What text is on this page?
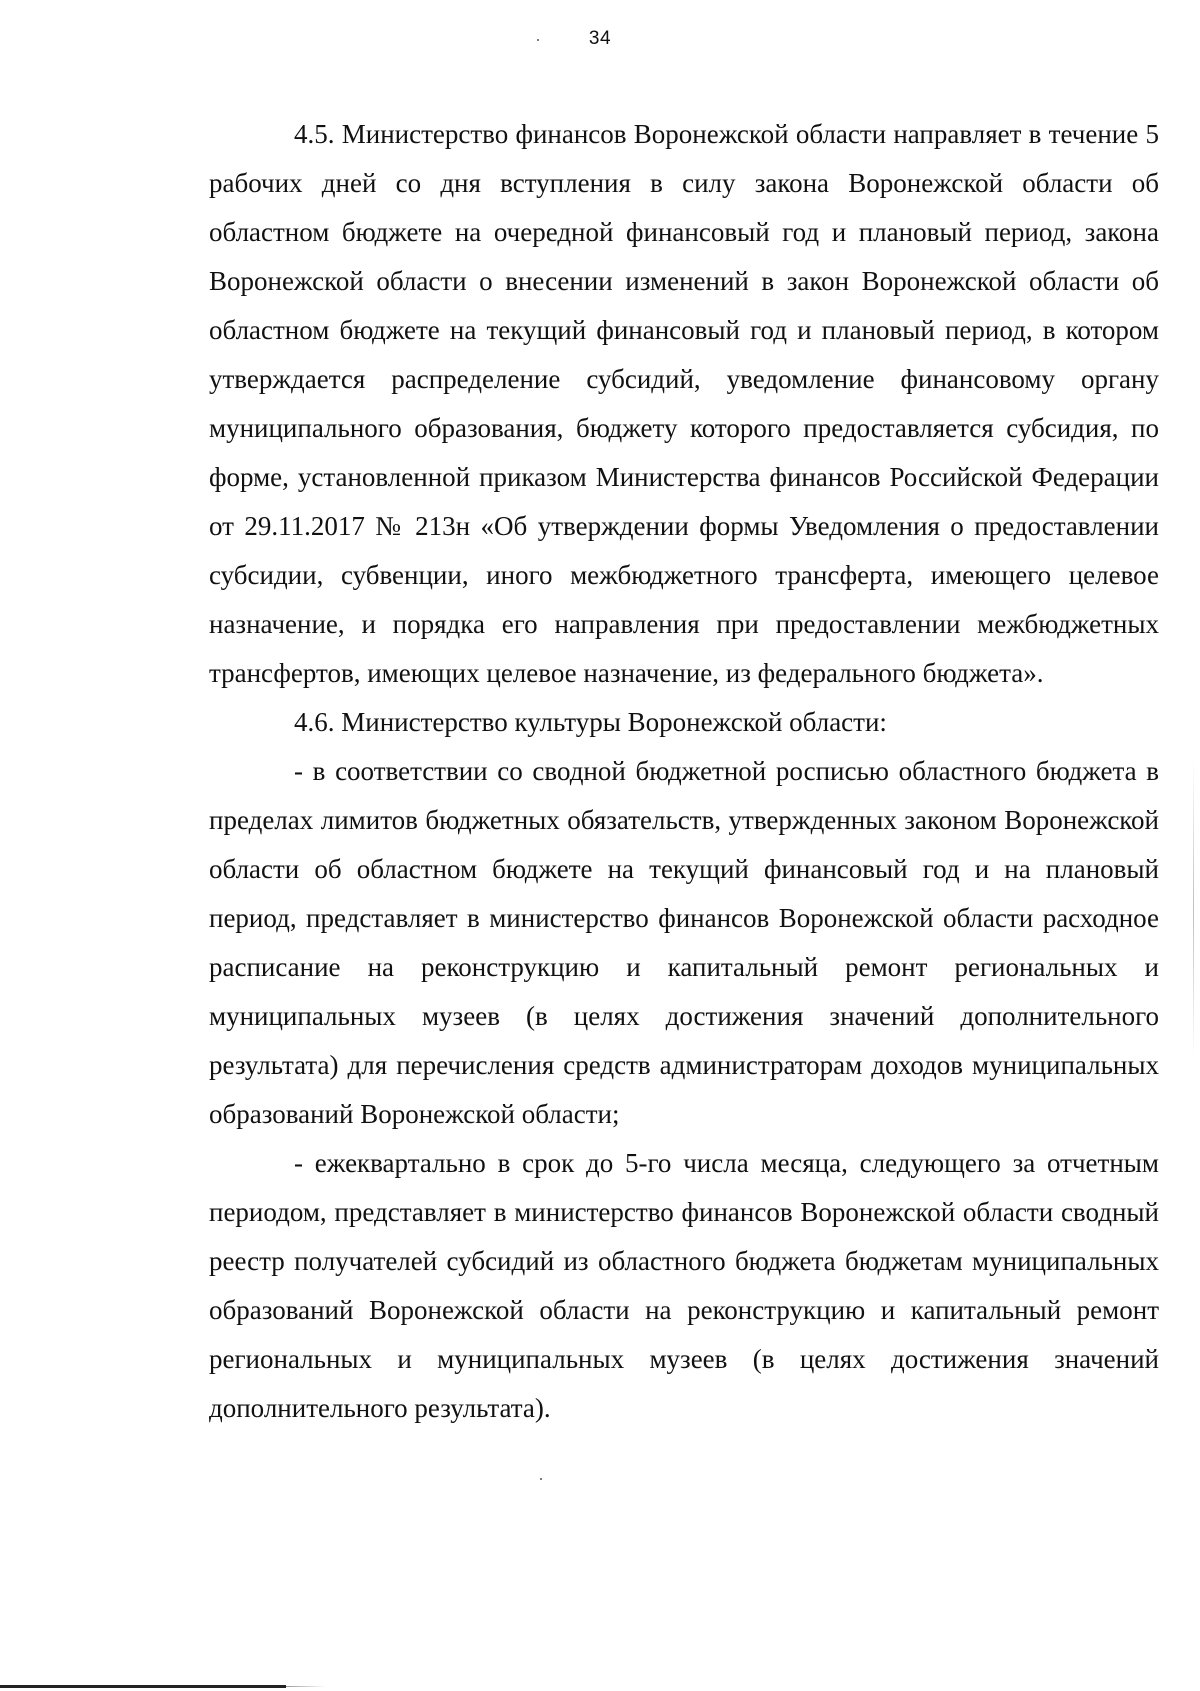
34

4.5. Министерство финансов Воронежской области направляет в течение 5 рабочих дней со дня вступления в силу закона Воронежской области об областном бюджете на очередной финансовый год и плановый период, закона Воронежской области о внесении изменений в закон Воронежской области об областном бюджете на текущий финансовый год и плановый период, в котором утверждается распределение субсидий, уведомление финансовому органу муниципального образования, бюджету которого предоставляется субсидия, по форме, установленной приказом Министерства финансов Российской Федерации от 29.11.2017 № 213н «Об утверждении формы Уведомления о предоставлении субсидии, субвенции, иного межбюджетного трансферта, имеющего целевое назначение, и порядка его направления при предоставлении межбюджетных трансфертов, имеющих целевое назначение, из федерального бюджета».

4.6. Министерство культуры Воронежской области:

- в соответствии со сводной бюджетной росписью областного бюджета в пределах лимитов бюджетных обязательств, утвержденных законом Воронежской области об областном бюджете на текущий финансовый год и на плановый период, представляет в министерство финансов Воронежской области расходное расписание на реконструкцию и капитальный ремонт региональных и муниципальных музеев (в целях достижения значений дополнительного результата) для перечисления средств администраторам доходов муниципальных образований Воронежской области;

- ежеквартально в срок до 5-го числа месяца, следующего за отчетным периодом, представляет в министерство финансов Воронежской области сводный реестр получателей субсидий из областного бюджета бюджетам муниципальных образований Воронежской области на реконструкцию и капитальный ремонт региональных и муниципальных музеев (в целях достижения значений дополнительного результата).
